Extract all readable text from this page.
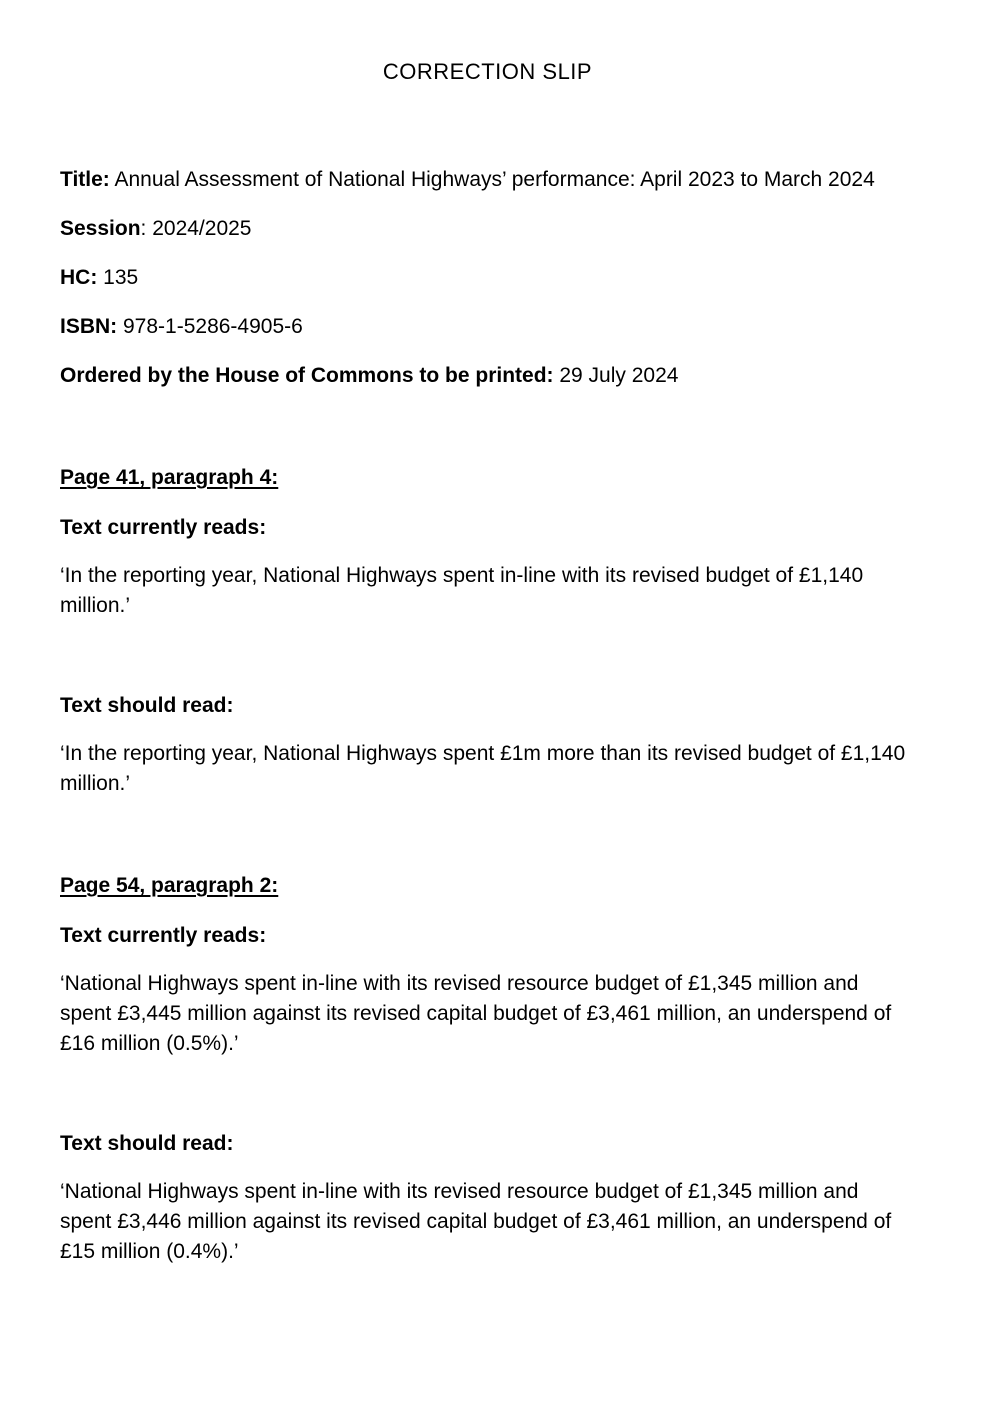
CORRECTION SLIP

Title: Annual Assessment of National Highways’ performance: April 2023 to March 2024

Session: 2024/2025

HC: 135

ISBN: 978-1-5286-4905-6

Ordered by the House of Commons to be printed: 29 July 2024

Page 41, paragraph 4:

Text currently reads:

‘In the reporting year, National Highways spent in-line with its revised budget of £1,140 million.’

Text should read:

‘In the reporting year, National Highways spent £1m more than its revised budget of £1,140 million.’

Page 54, paragraph 2:

Text currently reads:

‘National Highways spent in-line with its revised resource budget of £1,345 million and spent £3,445 million against its revised capital budget of £3,461 million, an underspend of £16 million (0.5%).’

Text should read:

‘National Highways spent in-line with its revised resource budget of £1,345 million and spent £3,446 million against its revised capital budget of £3,461 million, an underspend of £15 million (0.4%).’
